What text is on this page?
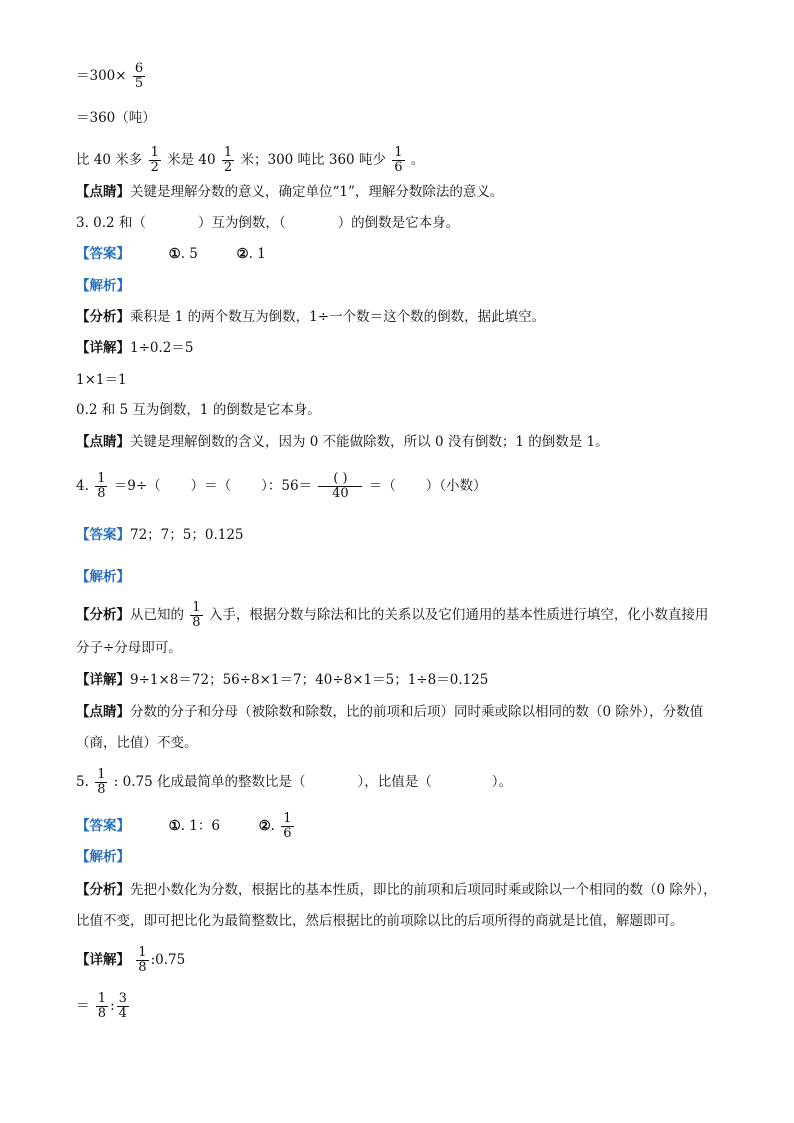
$=300\times \frac{6}{5}$
＝360（吨）
比 40 米多 $\frac{1}{2}$ 米是 $40 \frac{1}{2}$ 米；300 吨比 360 吨少 $\frac{1}{6}$ 。
【点睛】关键是理解分数的意义，确定单位“1”，理解分数除法的意义。
3. 0.2 和（	）互为倒数，（	）的倒数是它本身。
【答案】	①. 5	②. 1
【解析】
【分析】乘积是 1 的两个数互为倒数，1÷一个数＝这个数的倒数，据此填空。
【详解】1÷0.2＝5
1×1＝1
0.2 和 5 互为倒数，1 的倒数是它本身。
【点睛】关键是理解倒数的含义，因为 0 不能做除数，所以 0 没有倒数；1 的倒数是 1。
4. $\frac{1}{8} =9\div$（ ）＝（ ）：$56= \frac{( )}{40}$ ＝（ ）（小数）
【答案】72；7；5；0.125
【解析】
【分析】从已知的 $\frac{1}{8}$ 入手，根据分数与除法和比的关系以及它们通用的基本性质进行填空，化小数直接用
分子÷分母即可。
【详解】9÷1×8＝72；56÷8×1＝7；40÷8×1＝5；1÷8＝0.125
【点睛】分数的分子和分母（被除数和除数，比的前项和后项）同时乘或除以相同的数（0 除外），分数值
（商，比值）不变。
5. $\frac{1}{8}$ : 0.75 化成最简单的整数比是（	），比值是（	）。
【答案】	①. 1：6	②. $\frac{1}{6}$
【解析】
【分析】先把小数化为分数，根据比的基本性质，即比的前项和后项同时乘或除以一个相同的数（0 除外），
比值不变，即可把比化为最简整数比，然后根据比的前项除以比的后项所得的商就是比值，解题即可。
【详解】 $\frac{1}{8}$ :0.75
＝ $\frac{1}{8}$ : $\frac{3}{4}$
